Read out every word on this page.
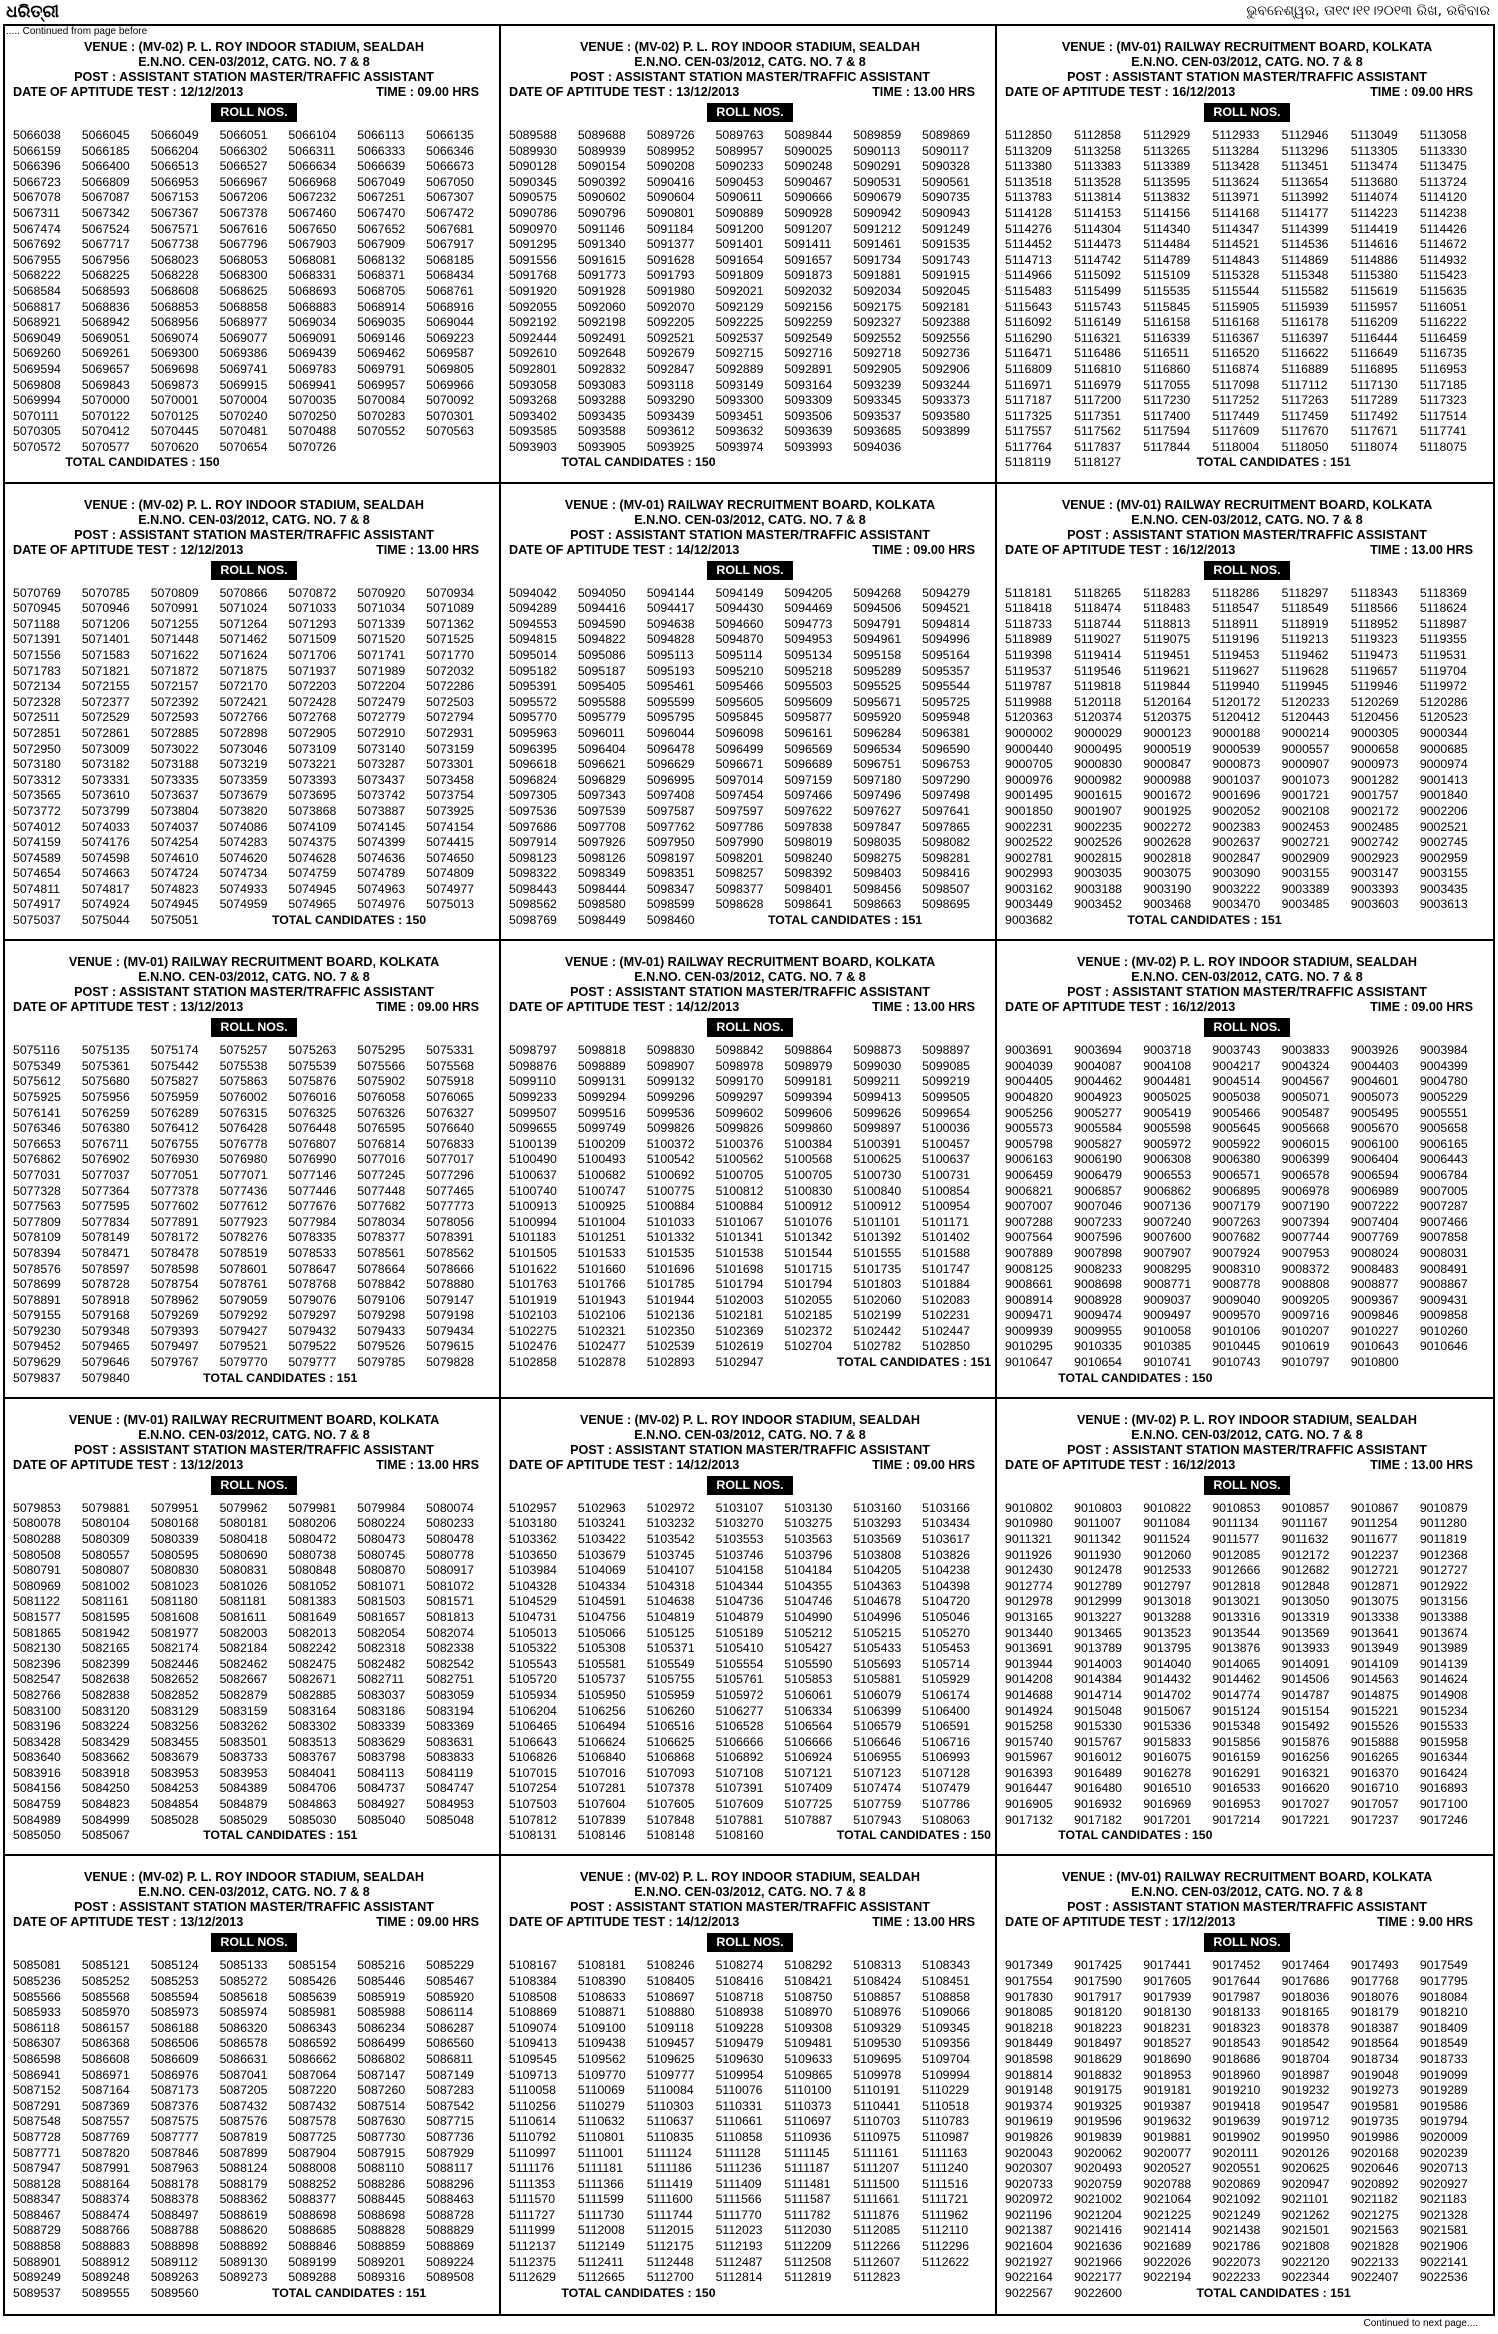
ଧରିତ୍ରୀ	ଭୁବନେଶ୍ୱର, ତା୧୯।୧୧।୨୦୧୩ ରିଖ, ରବିବାର
..... Continued from page before
VENUE : (MV-02) P. L. ROY INDOOR STADIUM, SEALDAH
E.N.NO. CEN-03/2012, CATG. NO. 7 & 8
POST : ASSISTANT STATION MASTER/TRAFFIC ASSISTANT
DATE OF APTITUDE TEST : 12/12/2013	TIME : 09.00 HRS
ROLL NOS.
5066038	5066045	5066049	5066051	5066104	5066113	5066135
5066159	5066185	5066204	5066302	5066311	5066333	5066346
5066396	5066400	5066513	5066527	5066634	5066639	5066673
5066723	5066809	5066953	5066967	5066968	5067049	5067050
5067078	5067087	5067153	5067206	5067232	5067251	5067307
5067311	5067342	5067367	5067378	5067460	5067470	5067472
5067474	5067524	5067571	5067616	5067650	5067652	5067681
5067692	5067717	5067738	5067796	5067903	5067909	5067917
5067955	5067956	5068023	5068053	5068081	5068132	5068185
5068222	5068225	5068228	5068300	5068331	5068371	5068434
5068584	5068593	5068608	5068625	5068693	5068705	5068761
5068817	5068836	5068853	5068858	5068883	5068914	5068916
5068921	5068942	5068956	5068977	5069034	5069035	5069044
5069049	5069051	5069074	5069077	5069091	5069146	5069223
5069260	5069261	5069300	5069386	5069439	5069462	5069587
5069594	5069657	5069698	5069741	5069783	5069791	5069805
5069808	5069843	5069873	5069915	5069941	5069957	5069966
5069994	5070000	5070001	5070004	5070035	5070084	5070092
5070111	5070122	5070125	5070240	5070250	5070283	5070301
5070305	5070412	5070445	5070481	5070488	5070552	5070563
5070572	5070577	5070620	5070654	5070726
TOTAL CANDIDATES : 150
VENUE : (MV-02) P. L. ROY INDOOR STADIUM, SEALDAH
E.N.NO. CEN-03/2012, CATG. NO. 7 & 8
POST : ASSISTANT STATION MASTER/TRAFFIC ASSISTANT
DATE OF APTITUDE TEST : 13/12/2013	TIME : 13.00 HRS
ROLL NOS.
5089588	5089688	5089726	5089763	5089844	5089859	5089869
5089930	5089939	5089952	5089957	5090025	5090113	5090117
5090128	5090154	5090208	5090233	5090248	5090291	5090328
5090345	5090392	5090416	5090453	5090467	5090531	5090561
5090575	5090602	5090604	5090611	5090666	5090679	5090735
5090786	5090796	5090801	5090889	5090928	5090942	5090943
5090970	5091146	5091184	5091200	5091207	5091212	5091249
5091295	5091340	5091377	5091401	5091411	5091461	5091535
5091556	5091615	5091628	5091654	5091657	5091734	5091743
5091768	5091773	5091793	5091809	5091873	5091881	5091915
5091920	5091928	5091980	5092021	5092032	5092034	5092045
5092055	5092060	5092070	5092129	5092156	5092175	5092181
5092192	5092198	5092205	5092225	5092259	5092327	5092388
5092444	5092491	5092521	5092537	5092549	5092552	5092556
5092610	5092648	5092679	5092715	5092716	5092718	5092736
5092801	5092832	5092847	5092889	5092891	5092905	5092906
5093058	5093083	5093118	5093149	5093164	5093239	5093244
5093268	5093288	5093290	5093300	5093309	5093345	5093373
5093402	5093435	5093439	5093451	5093506	5093537	5093580
5093585	5093588	5093612	5093632	5093639	5093685	5093899
5093903	5093905	5093925	5093974	5093993	5094036
TOTAL CANDIDATES : 150
VENUE : (MV-01) RAILWAY RECRUITMENT BOARD, KOLKATA
E.N.NO. CEN-03/2012, CATG. NO. 7 & 8
POST : ASSISTANT STATION MASTER/TRAFFIC ASSISTANT
DATE OF APTITUDE TEST : 16/12/2013	TIME : 09.00 HRS
ROLL NOS.
5112850	5112858	5112929	5112933	5112946	5113049	5113058
5113209	5113258	5113265	5113284	5113296	5113305	5113330
5113380	5113383	5113389	5113428	5113451	5113474	5113475
5113518	5113528	5113595	5113624	5113654	5113680	5113724
5113783	5113814	5113832	5113971	5113992	5114074	5114120
5114128	5114153	5114156	5114168	5114177	5114223	5114238
5114276	5114304	5114340	5114347	5114399	5114419	5114426
5114452	5114473	5114484	5114521	5114536	5114616	5114672
5114713	5114742	5114789	5114843	5114869	5114886	5114932
5114966	5115092	5115109	5115328	5115348	5115380	5115423
5115483	5115499	5115535	5115544	5115582	5115619	5115635
5115643	5115743	5115845	5115905	5115939	5115957	5116051
5116092	5116149	5116158	5116168	5116178	5116209	5116222
5116290	5116321	5116339	5116367	5116397	5116444	5116459
5116471	5116486	5116511	5116520	5116622	5116649	5116735
5116809	5116810	5116860	5116874	5116889	5116895	5116953
5116971	5116979	5117055	5117098	5117112	5117130	5117185
5117187	5117200	5117230	5117252	5117263	5117289	5117323
5117325	5117351	5117400	5117449	5117459	5117492	5117514
5117557	5117562	5117594	5117609	5117670	5117671	5117741
5117764	5117837	5117844	5118004	5118050	5118074	5118075
5118119	5118127	TOTAL CANDIDATES : 151
VENUE : (MV-02) P. L. ROY INDOOR STADIUM, SEALDAH
E.N.NO. CEN-03/2012, CATG. NO. 7 & 8
POST : ASSISTANT STATION MASTER/TRAFFIC ASSISTANT
DATE OF APTITUDE TEST : 12/12/2013	TIME : 13.00 HRS
ROLL NOS.
5070769	5070785	5070809	5070866	5070872	5070920	5070934
5070945	5070946	5070991	5071024	5071033	5071034	5071089
5071188	5071206	5071255	5071264	5071293	5071339	5071362
5071391	5071401	5071448	5071462	5071509	5071520	5071525
5071556	5071583	5071622	5071624	5071706	5071741	5071770
5071783	5071821	5071872	5071875	5071937	5071989	5072032
5072134	5072155	5072157	5072170	5072203	5072204	5072286
5072328	5072377	5072392	5072421	5072428	5072479	5072503
5072511	5072529	5072593	5072766	5072768	5072779	5072794
5072851	5072861	5072885	5072898	5072905	5072910	5072931
5072950	5073009	5073022	5073046	5073109	5073140	5073159
5073180	5073182	5073188	5073219	5073221	5073287	5073301
5073312	5073331	5073335	5073359	5073393	5073437	5073458
5073565	5073610	5073637	5073679	5073695	5073742	5073754
5073772	5073799	5073804	5073820	5073868	5073887	5073925
5074012	5074033	5074037	5074086	5074109	5074145	5074154
5074159	5074176	5074254	5074283	5074375	5074399	5074415
5074589	5074598	5074610	5074620	5074628	5074636	5074650
5074654	5074663	5074724	5074734	5074759	5074789	5074809
5074811	5074817	5074823	5074933	5074945	5074963	5074977
5074917	5074924	5074945	5074959	5074965	5074976	5075013
5075037	5075044	5075051	TOTAL CANDIDATES : 150
VENUE : (MV-01) RAILWAY RECRUITMENT BOARD, KOLKATA
E.N.NO. CEN-03/2012, CATG. NO. 7 & 8
POST : ASSISTANT STATION MASTER/TRAFFIC ASSISTANT
DATE OF APTITUDE TEST : 14/12/2013	TIME : 09.00 HRS
ROLL NOS.
5094042	5094050	5094144	5094149	5094205	5094268	5094279
5094289	5094416	5094417	5094430	5094469	5094506	5094521
5094553	5094590	5094638	5094660	5094773	5094791	5094814
5094815	5094822	5094828	5094870	5094953	5094961	5094996
5095014	5095086	5095113	5095114	5095134	5095158	5095164
5095182	5095187	5095193	5095210	5095218	5095289	5095357
5095391	5095405	5095461	5095466	5095503	5095525	5095544
5095572	5095588	5095599	5095605	5095609	5095671	5095725
5095770	5095779	5095795	5095845	5095877	5095920	5095948
5095963	5096011	5096044	5096098	5096161	5096284	5096381
5096395	5096404	5096478	5096499	5096569	5096534	5096590
5096618	5096621	5096629	5096671	5096689	5096751	5096753
5096824	5096829	5096995	5097014	5097159	5097180	5097290
5097305	5097343	5097408	5097454	5097466	5097496	5097498
5097536	5097539	5097587	5097597	5097622	5097627	5097641
5097686	5097708	5097762	5097786	5097838	5097847	5097865
5097914	5097926	5097950	5097990	5098019	5098035	5098082
5098123	5098126	5098197	5098201	5098240	5098275	5098281
5098322	5098349	5098351	5098257	5098392	5098403	5098416
5098443	5098444	5098347	5098377	5098401	5098456	5098507
5098562	5098580	5098599	5098628	5098641	5098663	5098695
5098769	5098449	5098460	TOTAL CANDIDATES : 151
VENUE : (MV-01) RAILWAY RECRUITMENT BOARD, KOLKATA
E.N.NO. CEN-03/2012, CATG. NO. 7 & 8
POST : ASSISTANT STATION MASTER/TRAFFIC ASSISTANT
DATE OF APTITUDE TEST : 16/12/2013	TIME : 13.00 HRS
ROLL NOS.
5118181	5118265	5118283	5118286	5118297	5118343	5118369
5118418	5118474	5118483	5118547	5118549	5118566	5118624
5118733	5118744	5118813	5118911	5118919	5118952	5118987
5118989	5119027	5119075	5119196	5119213	5119323	5119355
5119398	5119414	5119451	5119453	5119462	5119473	5119531
5119537	5119546	5119621	5119627	5119628	5119657	5119704
5119787	5119818	5119844	5119940	5119945	5119946	5119972
5119988	5120118	5120164	5120172	5120233	5120269	5120286
5120363	5120374	5120375	5120412	5120443	5120456	5120523
9000002	9000029	9000123	9000188	9000214	9000305	9000344
9000440	9000495	9000519	9000539	9000557	9000658	9000685
9000705	9000830	9000847	9000873	9000907	9000973	9000974
9000976	9000982	9000988	9001037	9001073	9001282	9001413
9001495	9001615	9001672	9001696	9001721	9001757	9001840
9001850	9001907	9001925	9002052	9002108	9002172	9002206
9002231	9002235	9002272	9002383	9002453	9002485	9002521
9002522	9002526	9002628	9002637	9002721	9002742	9002745
9002781	9002815	9002818	9002847	9002909	9002923	9002959
9002993	9003035	9003075	9003090	9003155	9003147	9003155
9003162	9003188	9003190	9003222	9003389	9003393	9003435
9003449	9003452	9003468	9003470	9003485	9003603	9003613
9003682	TOTAL CANDIDATES : 151
VENUE : (MV-01) RAILWAY RECRUITMENT BOARD, KOLKATA
E.N.NO. CEN-03/2012, CATG. NO. 7 & 8
POST : ASSISTANT STATION MASTER/TRAFFIC ASSISTANT
DATE OF APTITUDE TEST : 13/12/2013	TIME : 09.00 HRS
ROLL NOS.
5075116	5075135	5075174	5075257	5075263	5075295	5075331
5075349	5075361	5075442	5075538	5075539	5075566	5075568
5075612	5075680	5075827	5075863	5075876	5075902	5075918
5075925	5075956	5075959	5076002	5076016	5076058	5076065
5076141	5076259	5076289	5076315	5076325	5076326	5076327
5076346	5076380	5076412	5076428	5076448	5076595	5076640
5076653	5076711	5076755	5076778	5076807	5076814	5076833
5076862	5076902	5076930	5076980	5076990	5077016	5077017
5077031	5077037	5077051	5077071	5077146	5077245	5077296
5077328	5077364	5077378	5077436	5077446	5077448	5077465
5077563	5077595	5077602	5077612	5077676	5077682	5077773
5077809	5077834	5077891	5077923	5077984	5078034	5078056
5078109	5078149	5078172	5078276	5078335	5078377	5078391
5078394	5078471	5078478	5078519	5078533	5078561	5078562
5078576	5078597	5078598	5078601	5078647	5078664	5078666
5078699	5078728	5078754	5078761	5078768	5078842	5078880
5078891	5078918	5078962	5079059	5079076	5079106	5079147
5079155	5079168	5079269	5079292	5079297	5079298	5079198
5079230	5079348	5079393	5079427	5079432	5079433	5079434
5079452	5079465	5079497	5079521	5079522	5079526	5079615
5079629	5079646	5079767	5079770	5079777	5079785	5079828
5079837	5079840	TOTAL CANDIDATES : 151
VENUE : (MV-01) RAILWAY RECRUITMENT BOARD, KOLKATA
E.N.NO. CEN-03/2012, CATG. NO. 7 & 8
POST : ASSISTANT STATION MASTER/TRAFFIC ASSISTANT
DATE OF APTITUDE TEST : 14/12/2013	TIME : 13.00 HRS
ROLL NOS.
5098797	5098818	5098830	5098842	5098864	5098873	5098897
5098876	5098889	5098907	5098978	5098979	5099030	5099085
5099110	5099131	5099132	5099170	5099181	5099211	5099219
5099233	5099294	5099296	5099297	5099394	5099413	5099505
5099507	5099516	5099536	5099602	5099606	5099626	5099654
5099655	5099749	5099826	5099826	5099860	5099897	5100036
5100139	5100209	5100372	5100376	5100384	5100391	5100457
5100490	5100493	5100542	5100562	5100568	5100625	5100637
5100637	5100682	5100692	5100705	5100705	5100730	5100731
5100740	5100747	5100775	5100812	5100830	5100840	5100854
5100913	5100925	5100884	5100884	5100912	5100912	5100954
5100994	5101004	5101033	5101067	5101076	5101101	5101171
5101183	5101251	5101332	5101341	5101342	5101392	5101402
5101505	5101533	5101535	5101538	5101544	5101555	5101588
5101622	5101660	5101696	5101698	5101715	5101735	5101747
5101763	5101766	5101785	5101794	5101794	5101803	5101884
5101919	5101943	5101944	5102003	5102055	5102060	5102083
5102103	5102106	5102136	5102181	5102185	5102199	5102231
5102275	5102321	5102350	5102369	5102372	5102442	5102447
5102476	5102477	5102539	5102619	5102704	5102782	5102850
5102858	5102878	5102893	5102947	TOTAL CANDIDATES : 151
VENUE : (MV-02) P. L. ROY INDOOR STADIUM, SEALDAH
E.N.NO. CEN-03/2012, CATG. NO. 7 & 8
POST : ASSISTANT STATION MASTER/TRAFFIC ASSISTANT
DATE OF APTITUDE TEST : 16/12/2013	TIME : 09.00 HRS
ROLL NOS.
9003691	9003694	9003718	9003743	9003833	9003926	9003984
9004039	9004087	9004108	9004217	9004324	9004403	9004399
9004405	9004462	9004481	9004514	9004567	9004601	9004780
9004820	9004923	9005025	9005038	9005071	9005073	9005229
9005256	9005277	9005419	9005466	9005487	9005495	9005551
9005573	9005584	9005598	9005645	9005668	9005670	9005658
9005798	9005827	9005972	9005922	9006015	9006100	9006165
9006163	9006190	9006308	9006380	9006399	9006404	9006443
9006459	9006479	9006553	9006571	9006578	9006594	9006784
9006821	9006857	9006862	9006895	9006978	9006989	9007005
9007007	9007046	9007136	9007179	9007190	9007222	9007287
9007288	9007233	9007240	9007263	9007394	9007404	9007466
9007564	9007596	9007600	9007682	9007744	9007769	9007858
9007889	9007898	9007907	9007924	9007953	9008024	9008031
9008125	9008233	9008295	9008310	9008372	9008483	9008491
9008661	9008698	9008771	9008778	9008808	9008877	9008867
9008914	9008928	9009037	9009040	9009205	9009367	9009431
9009471	9009474	9009497	9009570	9009716	9009846	9009858
9009939	9009955	9010058	9010106	9010207	9010227	9010260
9010295	9010335	9010385	9010445	9010619	9010643	9010646
9010647	9010654	9010741	9010743	9010797	9010800
TOTAL CANDIDATES : 150
VENUE : (MV-01) RAILWAY RECRUITMENT BOARD, KOLKATA
E.N.NO. CEN-03/2012, CATG. NO. 7 & 8
POST : ASSISTANT STATION MASTER/TRAFFIC ASSISTANT
DATE OF APTITUDE TEST : 13/12/2013	TIME : 13.00 HRS
ROLL NOS.
5079853	5079881	5079951	5079962	5079981	5079984	5080074
5080078	5080104	5080168	5080181	5080206	5080224	5080233
5080288	5080309	5080339	5080418	5080472	5080473	5080478
5080508	5080557	5080595	5080690	5080738	5080745	5080778
5080791	5080807	5080830	5080831	5080848	5080870	5080917
5080969	5081002	5081023	5081026	5081052	5081071	5081072
5081122	5081161	5081180	5081181	5081383	5081503	5081571
5081577	5081595	5081608	5081611	5081649	5081657	5081813
5081865	5081942	5081977	5082003	5082013	5082054	5082074
5082130	5082165	5082174	5082184	5082242	5082318	5082338
5082396	5082399	5082446	5082462	5082475	5082482	5082542
5082547	5082638	5082652	5082667	5082671	5082711	5082751
5082766	5082838	5082852	5082879	5082885	5083037	5083059
5083100	5083120	5083129	5083159	5083164	5083186	5083194
5083196	5083224	5083256	5083262	5083302	5083339	5083369
5083428	5083429	5083455	5083501	5083513	5083629	5083631
5083640	5083662	5083679	5083733	5083767	5083798	5083833
5083916	5083918	5083953	5083953	5084041	5084113	5084119
5084156	5084250	5084253	5084389	5084706	5084737	5084747
5084759	5084823	5084854	5084879	5084863	5084927	5084953
5084989	5084999	5085028	5085029	5085030	5085040	5085048
5085050	5085067	TOTAL CANDIDATES : 151
VENUE : (MV-02) P. L. ROY INDOOR STADIUM, SEALDAH
E.N.NO. CEN-03/2012, CATG. NO. 7 & 8
POST : ASSISTANT STATION MASTER/TRAFFIC ASSISTANT
DATE OF APTITUDE TEST : 14/12/2013	TIME : 09.00 HRS
ROLL NOS.
5102957	5102963	5102972	5103107	5103130	5103160	5103166
5103180	5103241	5103232	5103270	5103275	5103293	5103434
5103362	5103422	5103542	5103553	5103563	5103569	5103617
5103650	5103679	5103745	5103746	5103796	5103808	5103826
5103984	5104069	5104107	5104158	5104184	5104205	5104238
5104328	5104334	5104318	5104344	5104355	5104363	5104398
5104529	5104591	5104638	5104736	5104746	5104678	5104720
5104731	5104756	5104819	5104879	5104990	5104996	5105046
5105013	5105066	5105125	5105189	5105212	5105215	5105270
5105322	5105308	5105371	5105410	5105427	5105433	5105453
5105543	5105581	5105549	5105554	5105590	5105693	5105714
5105720	5105737	5105755	5105761	5105853	5105881	5105929
5105934	5105950	5105959	5105972	5106061	5106079	5106174
5106204	5106256	5106260	5106277	5106334	5106399	5106400
5106465	5106494	5106516	5106528	5106564	5106579	5106591
5106643	5106624	5106625	5106666	5106666	5106646	5106716
5106826	5106840	5106868	5106892	5106924	5106955	5106993
5107015	5107016	5107093	5107108	5107121	5107123	5107128
5107254	5107281	5107378	5107391	5107409	5107474	5107479
5107503	5107604	5107605	5107609	5107725	5107759	5107786
5107812	5107839	5107848	5107881	5107887	5107943	5108063
5108131	5108146	5108148	5108160	TOTAL CANDIDATES : 150
VENUE : (MV-02) P. L. ROY INDOOR STADIUM, SEALDAH
E.N.NO. CEN-03/2012, CATG. NO. 7 & 8
POST : ASSISTANT STATION MASTER/TRAFFIC ASSISTANT
DATE OF APTITUDE TEST : 16/12/2013	TIME : 13.00 HRS
ROLL NOS.
9010802	9010803	9010822	9010853	9010857	9010867	9010879
9010980	9011007	9011084	9011134	9011167	9011254	9011280
9011321	9011342	9011524	9011577	9011632	9011677	9011819
9011926	9011930	9012060	9012085	9012172	9012237	9012368
9012430	9012478	9012533	9012666	9012682	9012721	9012727
9012774	9012789	9012797	9012818	9012848	9012871	9012922
9012978	9012999	9013018	9013021	9013050	9013075	9013156
9013165	9013227	9013288	9013316	9013319	9013338	9013388
9013440	9013465	9013523	9013544	9013569	9013641	9013674
9013691	9013789	9013795	9013876	9013933	9013949	9013989
9013944	9014003	9014040	9014065	9014091	9014109	9014139
9014208	9014384	9014432	9014462	9014506	9014563	9014624
9014688	9014714	9014702	9014774	9014787	9014875	9014908
9014924	9015048	9015067	9015124	9015154	9015221	9015234
9015258	9015330	9015336	9015348	9015492	9015526	9015533
9015740	9015767	9015833	9015856	9015876	9015888	9015958
9015967	9016012	9016075	9016159	9016256	9016265	9016344
9016393	9016489	9016278	9016291	9016321	9016370	9016424
9016447	9016480	9016510	9016533	9016620	9016710	9016893
9016905	9016932	9016969	9016953	9017027	9017057	9017100
9017132	9017182	9017201	9017214	9017221	9017237	9017246
TOTAL CANDIDATES : 150
VENUE : (MV-02) P. L. ROY INDOOR STADIUM, SEALDAH
E.N.NO. CEN-03/2012, CATG. NO. 7 & 8
POST : ASSISTANT STATION MASTER/TRAFFIC ASSISTANT
DATE OF APTITUDE TEST : 13/12/2013	TIME : 09.00 HRS
ROLL NOS.
5085081	5085121	5085124	5085133	5085154	5085216	5085229
5085236	5085252	5085253	5085272	5085426	5085446	5085467
5085566	5085568	5085594	5085618	5085639	5085919	5085920
5085933	5085970	5085973	5085974	5085981	5085988	5086114
5086118	5086157	5086188	5086320	5086343	5086234	5086287
5086307	5086368	5086506	5086578	5086592	5086499	5086560
5086598	5086608	5086609	5086631	5086662	5086802	5086811
5086941	5086971	5086976	5087041	5087064	5087147	5087149
5087152	5087164	5087173	5087205	5087220	5087260	5087283
5087291	5087369	5087376	5087432	5087432	5087514	5087542
5087548	5087557	5087575	5087576	5087578	5087630	5087715
5087728	5087769	5087777	5087819	5087725	5087730	5087736
5087771	5087820	5087846	5087899	5087904	5087915	5087929
5087947	5087991	5087963	5088124	5088008	5088110	5088117
5088128	5088164	5088178	5088179	5088252	5088286	5088296
5088347	5088374	5088378	5088362	5088377	5088445	5088463
5088467	5088474	5088497	5088619	5088698	5088698	5088728
5088729	5088766	5088788	5088620	5088685	5088828	5088829
5088858	5088883	5088898	5088892	5088846	5088859	5088869
5088901	5088912	5089112	5089130	5089199	5089201	5089224
5089249	5089248	5089263	5089273	5089288	5089316	5089508
5089537	5089555	5089560	TOTAL CANDIDATES : 151
VENUE : (MV-02) P. L. ROY INDOOR STADIUM, SEALDAH
E.N.NO. CEN-03/2012, CATG. NO. 7 & 8
POST : ASSISTANT STATION MASTER/TRAFFIC ASSISTANT
DATE OF APTITUDE TEST : 14/12/2013	TIME : 13.00 HRS
ROLL NOS.
5108167	5108181	5108246	5108274	5108292	5108313	5108343
5108384	5108390	5108405	5108416	5108421	5108424	5108451
5108508	5108633	5108697	5108718	5108750	5108857	5108858
5108869	5108871	5108880	5108938	5108970	5108976	5109066
5109074	5109100	5109118	5109228	5109308	5109329	5109345
5109413	5109438	5109457	5109479	5109481	5109530	5109356
5109545	5109562	5109625	5109630	5109633	5109695	5109704
5109713	5109770	5109777	5109954	5109865	5109978	5109994
5110058	5110069	5110084	5110076	5110100	5110191	5110229
5110256	5110279	5110303	5110331	5110373	5110441	5110518
5110614	5110632	5110637	5110661	5110697	5110703	5110783
5110792	5110801	5110835	5110858	5110936	5110975	5110987
5110997	5111001	5111124	5111128	5111145	5111161	5111163
5111176	5111181	5111186	5111236	5111187	5111207	5111240
5111353	5111366	5111419	5111409	5111481	5111500	5111516
5111570	5111599	5111600	5111566	5111587	5111661	5111721
5111727	5111730	5111744	5111770	5111782	5111876	5111962
5111999	5112008	5112015	5112023	5112030	5112085	5112110
5112137	5112149	5112175	5112193	5112209	5112266	5112296
5112375	5112411	5112448	5112487	5112508	5112607	5112622
5112629	5112665	5112700	5112814	5112819	5112823
TOTAL CANDIDATES : 150
VENUE : (MV-01) RAILWAY RECRUITMENT BOARD, KOLKATA
E.N.NO. CEN-03/2012, CATG. NO. 7 & 8
POST : ASSISTANT STATION MASTER/TRAFFIC ASSISTANT
DATE OF APTITUDE TEST : 17/12/2013	TIME : 9.00 HRS
ROLL NOS.
9017349	9017425	9017441	9017452	9017464	9017493	9017549
9017554	9017590	9017605	9017644	9017686	9017768	9017795
9017830	9017917	9017939	9017987	9018036	9018076	9018084
9018085	9018120	9018130	9018133	9018165	9018179	9018210
9018218	9018223	9018231	9018323	9018378	9018387	9018409
9018449	9018497	9018527	9018543	9018542	9018564	9018549
9018598	9018629	9018690	9018686	9018704	9018734	9018733
9018814	9018832	9018953	9018960	9018987	9019048	9019099
9019148	9019175	9019181	9019210	9019232	9019273	9019289
9019374	9019325	9019387	9019418	9019547	9019581	9019586
9019619	9019596	9019632	9019639	9019712	9019735	9019794
9019826	9019839	9019881	9019902	9019950	9019986	9020009
9020043	9020062	9020077	9020111	9020126	9020168	9020239
9020307	9020493	9020527	9020551	9020625	9020646	9020713
9020733	9020759	9020788	9020869	9020947	9020892	9020927
9020972	9021002	9021064	9021092	9021101	9021182	9021183
9021196	9021204	9021225	9021249	9021262	9021275	9021328
9021387	9021416	9021414	9021438	9021501	9021563	9021581
9021604	9021636	9021689	9021786	9021808	9021828	9021906
9021927	9021966	9022026	9022073	9022120	9022133	9022141
9022164	9022177	9022194	9022233	9022344	9022407	9022536
9022567	9022600	TOTAL CANDIDATES : 151
Continued to next page....
